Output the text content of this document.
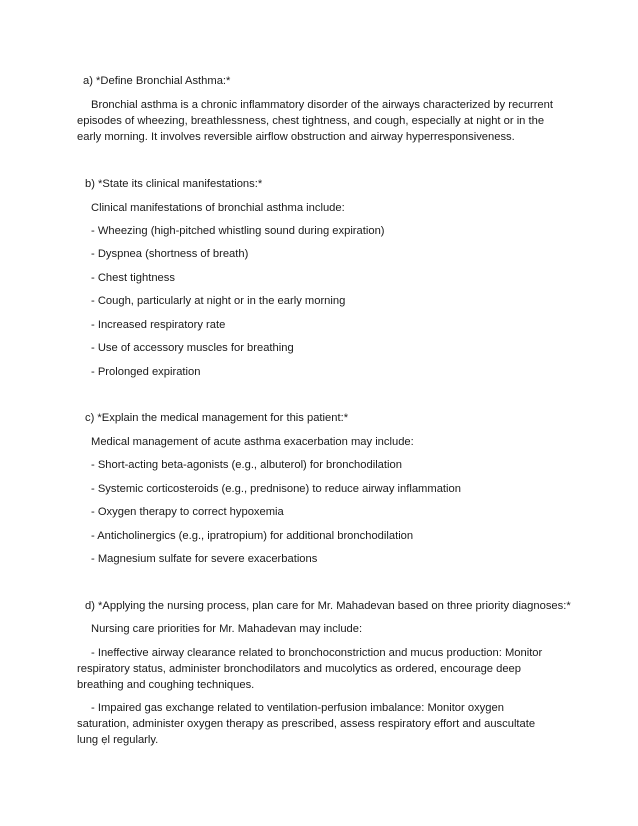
a) *Define Bronchial Asthma:*
Bronchial asthma is a chronic inflammatory disorder of the airways characterized by recurrent episodes of wheezing, breathlessness, chest tightness, and cough, especially at night or in the early morning. It involves reversible airflow obstruction and airway hyperresponsiveness.
b) *State its clinical manifestations:*
Clinical manifestations of bronchial asthma include:
- Wheezing (high-pitched whistling sound during expiration)
- Dyspnea (shortness of breath)
- Chest tightness
- Cough, particularly at night or in the early morning
- Increased respiratory rate
- Use of accessory muscles for breathing
- Prolonged expiration
c) *Explain the medical management for this patient:*
Medical management of acute asthma exacerbation may include:
- Short-acting beta-agonists (e.g., albuterol) for bronchodilation
- Systemic corticosteroids (e.g., prednisone) to reduce airway inflammation
- Oxygen therapy to correct hypoxemia
- Anticholinergics (e.g., ipratropium) for additional bronchodilation
- Magnesium sulfate for severe exacerbations
d) *Applying the nursing process, plan care for Mr. Mahadevan based on three priority diagnoses:*
Nursing care priorities for Mr. Mahadevan may include:
- Ineffective airway clearance related to bronchoconstriction and mucus production: Monitor respiratory status, administer bronchodilators and mucolytics as ordered, encourage deep breathing and coughing techniques.
- Impaired gas exchange related to ventilation-perfusion imbalance: Monitor oxygen saturation, administer oxygen therapy as prescribed, assess respiratory effort and auscultate lung ẹl regularly.
